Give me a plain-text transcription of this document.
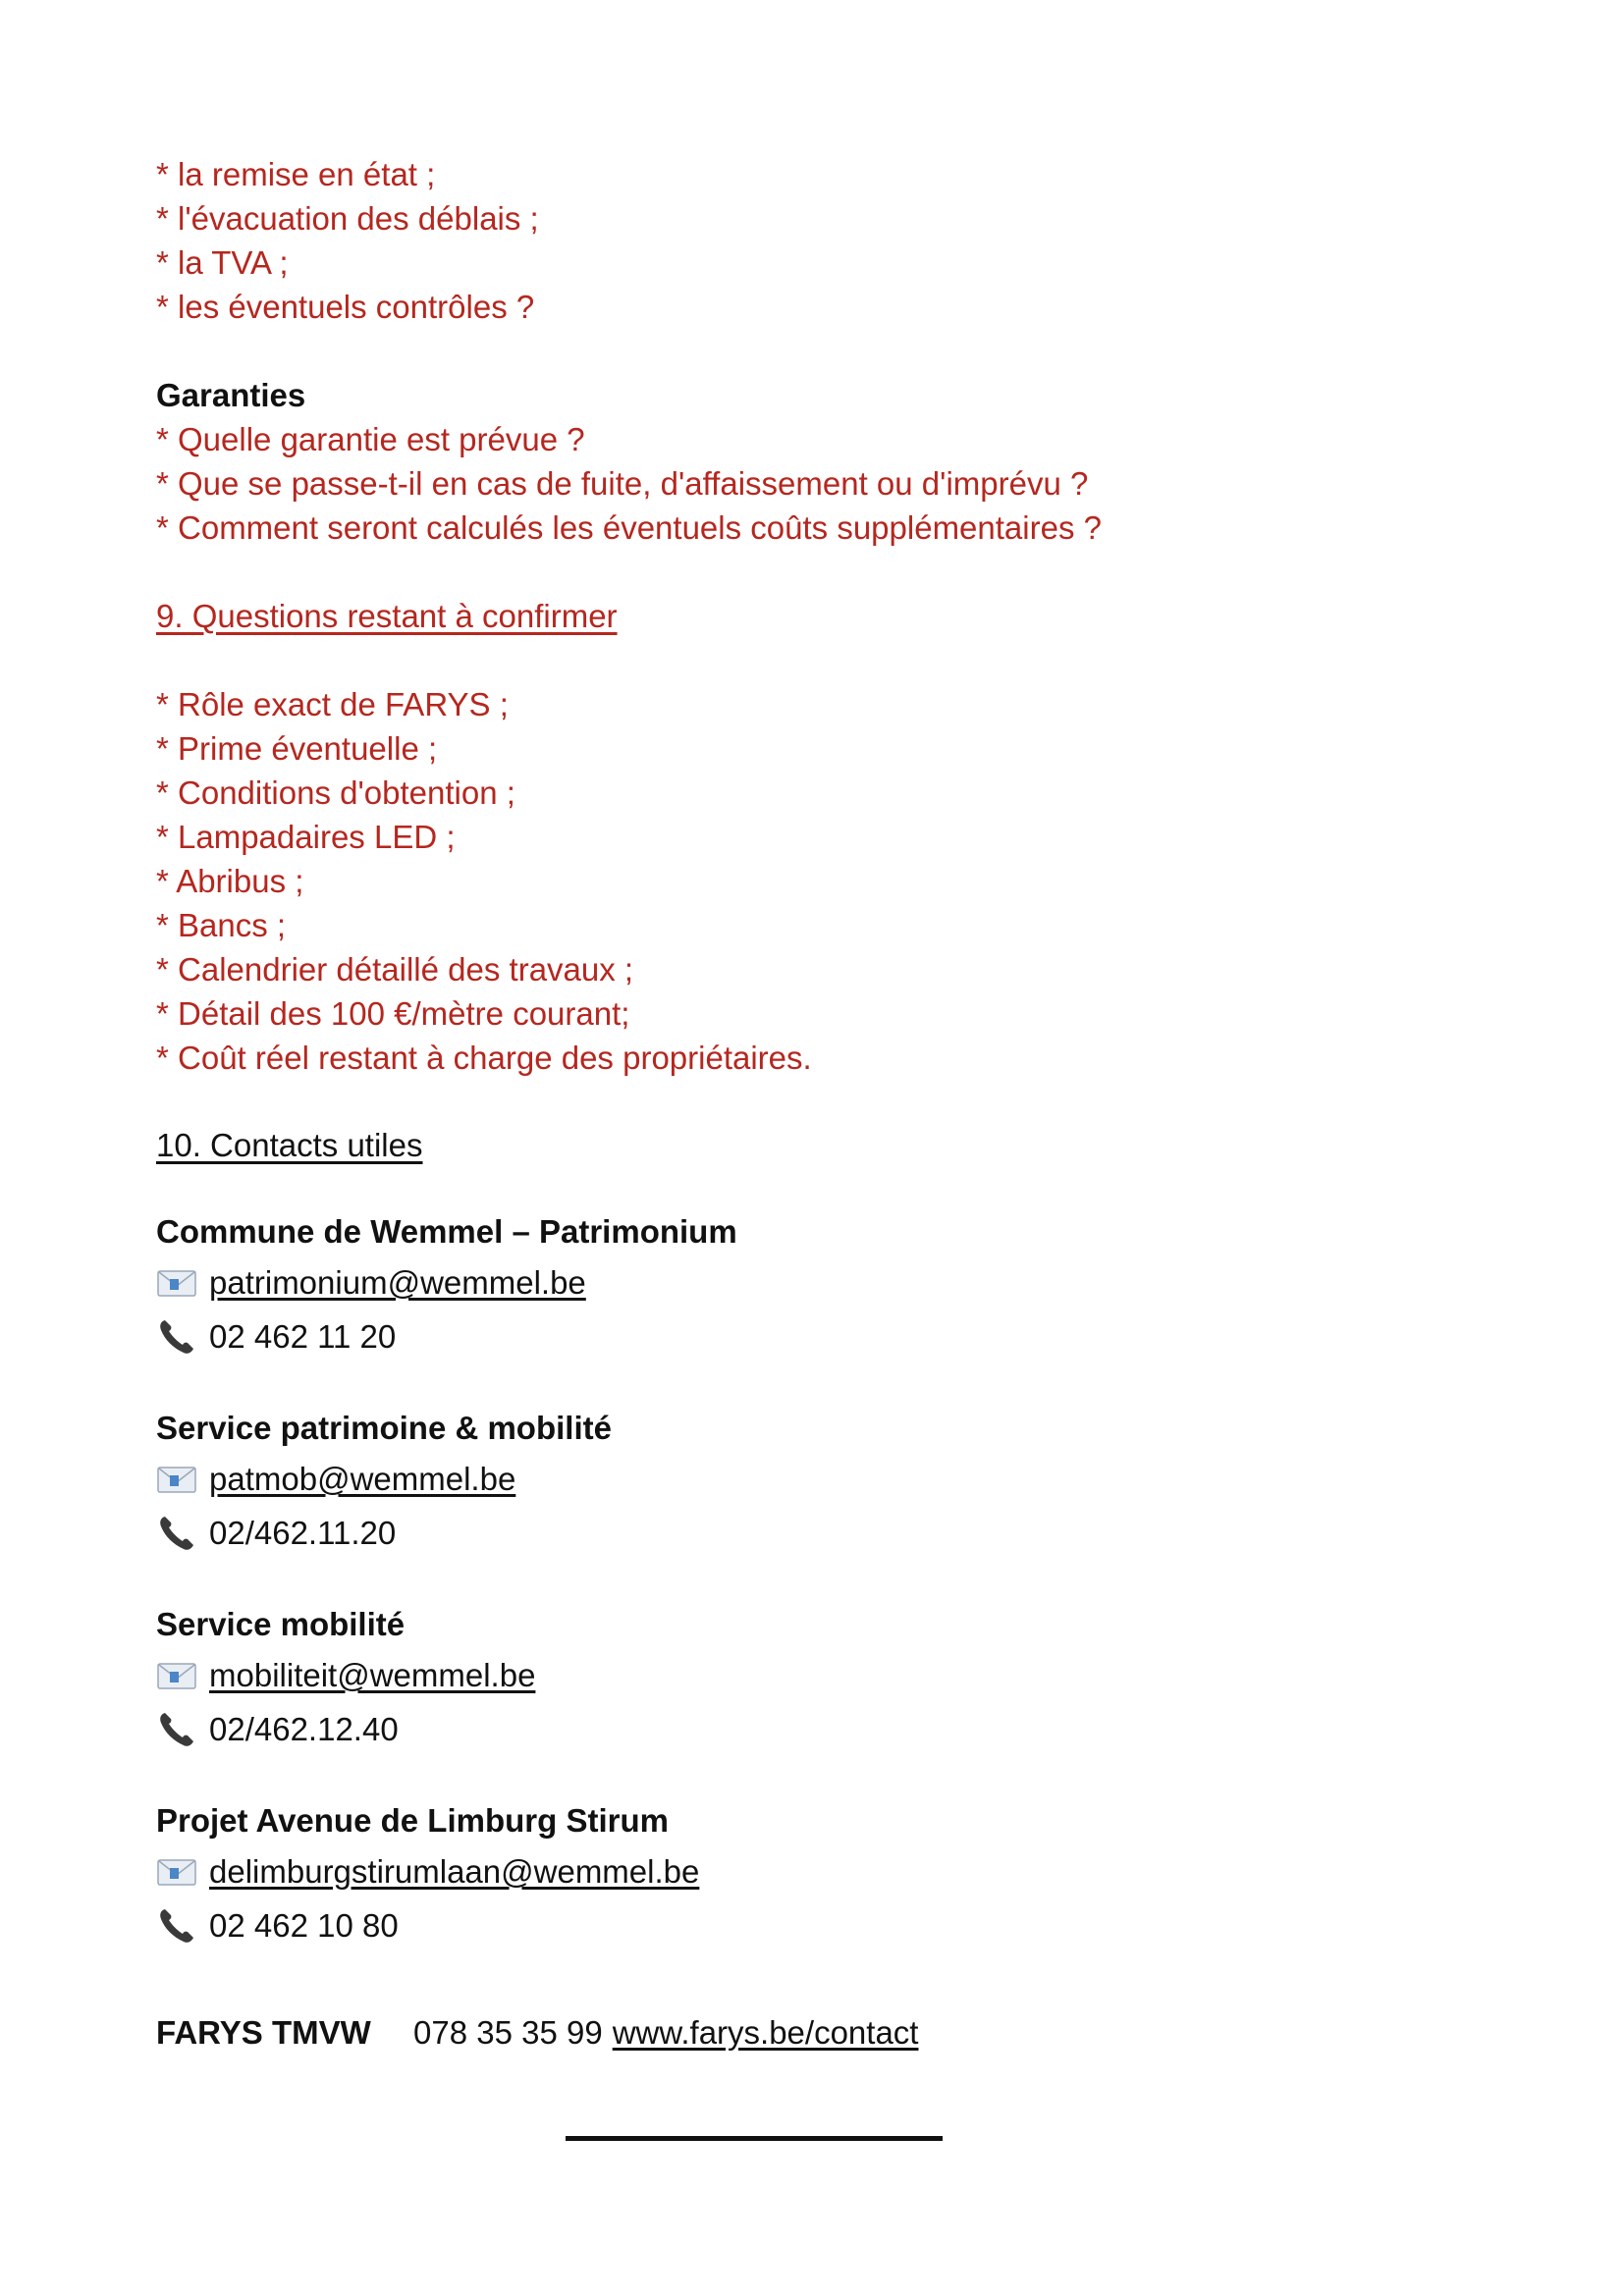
* la remise en état ;
* l'évacuation des déblais ;
* la TVA ;
* les éventuels contrôles ?
Garanties
* Quelle garantie est prévue ?
* Que se passe-t-il en cas de fuite, d'affaissement ou d'imprévu ?
* Comment seront calculés les éventuels coûts supplémentaires ?
9. Questions restant à confirmer
* Rôle exact de FARYS ;
* Prime éventuelle ;
* Conditions d'obtention ;
* Lampadaires LED ;
* Abribus ;
* Bancs ;
* Calendrier détaillé des travaux ;
* Détail des 100 €/mètre courant;
* Coût réel restant à charge des propriétaires.
10. Contacts utiles
Commune de Wemmel – Patrimonium
patrimonium@wemmel.be
02 462 11 20
Service patrimoine & mobilité
patmob@wemmel.be
02/462.11.20
Service mobilité
mobiliteit@wemmel.be
02/462.12.40
Projet Avenue de Limburg Stirum
delimburgstirumlaan@wemmel.be
02 462 10 80
FARYS TMVW	078 35 35 99 www.farys.be/contact
